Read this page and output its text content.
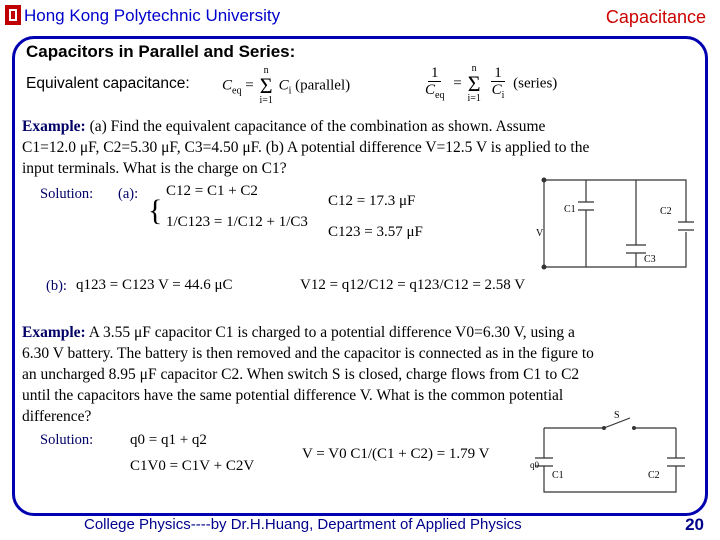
Hong Kong Polytechnic University	Capacitance
Capacitors in Parallel and Series:
Equivalent capacitance: $C_{eq}$ =
n
Σ
i=1
$C_i$ (parallel)	$\frac{1}{C_{eq}}$ =
n
Σ
i=1
$\frac{1}{C_i}$ (series)
Example: (a) Find the equivalent capacitance of the combination as shown. Assume
C1=12.0 μF, C2=5.30 μF, C3=4.50 μF. (b) A potential difference V=12.5 V is applied to the
input terminals. What is the charge on C1?
Solution: (a): {
C12 = C1 + C2
1/C123 = 1/C12 + 1/C3
C12 = 17.3 μF
C123 = 3.57 μF
(b): q123 = C123 V = 44.6 μC	V12 = q12/C12 = q123/C12 = 2.58 V
C1	C2
C3
V
Example: A 3.55 μF capacitor C1 is charged to a potential difference V0=6.30 V, using a
6.30 V battery. The battery is then removed and the capacitor is connected as in the figure to
an uncharged 8.95 μF capacitor C2. When switch S is closed, charge flows from C1 to C2
until the capacitors have the same potential difference V. What is the common potential
difference?
Solution: q0 = q1 + q2
C1V0 = C1V + C2V
V = V0 C1/(C1 + C2) = 1.79 V
S
q0
C1	C2
College Physics----by Dr.H.Huang, Department of Applied Physics	20
